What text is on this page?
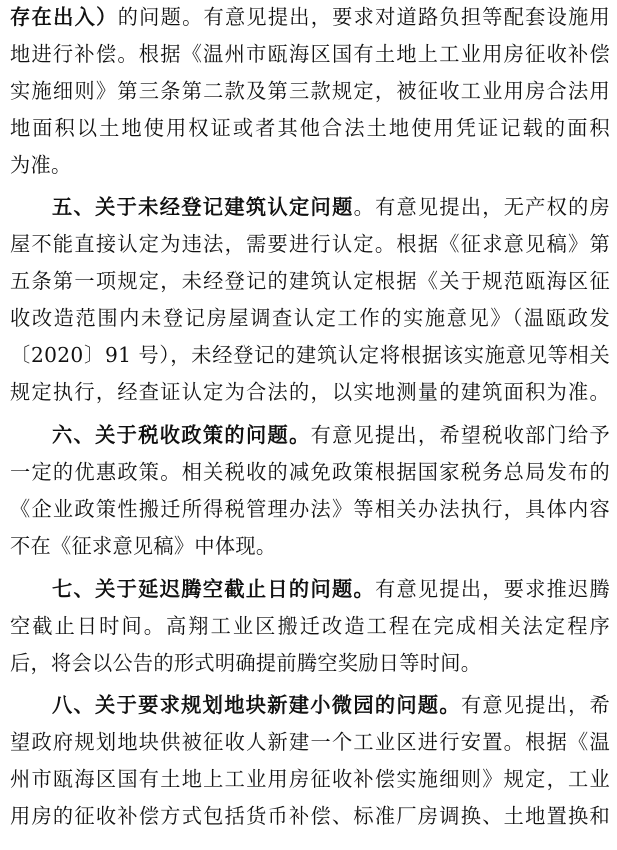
存在出入）的问题。有意见提出，要求对道路负担等配套设施用
地进行补偿。根据《温州市瓯海区国有土地上工业用房征收补偿
实施细则》第三条第二款及第三款规定，被征收工业用房合法用
地面积以土地使用权证或者其他合法土地使用凭证记载的面积
为准。
五、关于未经登记建筑认定问题。有意见提出，无产权的房
屋不能直接认定为违法，需要进行认定。根据《征求意见稿》第
五条第一项规定，未经登记的建筑认定根据《关于规范瓯海区征
收改造范围内未登记房屋调查认定工作的实施意见》（温瓯政发
〔2020〕91 号），未经登记的建筑认定将根据该实施意见等相关
规定执行，经查证认定为合法的，以实地测量的建筑面积为准。
六、关于税收政策的问题。有意见提出，希望税收部门给予
一定的优惠政策。相关税收的减免政策根据国家税务总局发布的
《企业政策性搬迁所得税管理办法》等相关办法执行，具体内容
不在《征求意见稿》中体现。
七、关于延迟腾空截止日的问题。有意见提出，要求推迟腾
空截止日时间。高翔工业区搬迁改造工程在完成相关法定程序
后，将会以公告的形式明确提前腾空奖励日等时间。
八、关于要求规划地块新建小微园的问题。有意见提出，希
望政府规划地块供被征收人新建一个工业区进行安置。根据《温
州市瓯海区国有土地上工业用房征收补偿实施细则》规定，工业
用房的征收补偿方式包括货币补偿、标准厂房调换、土地置换和
